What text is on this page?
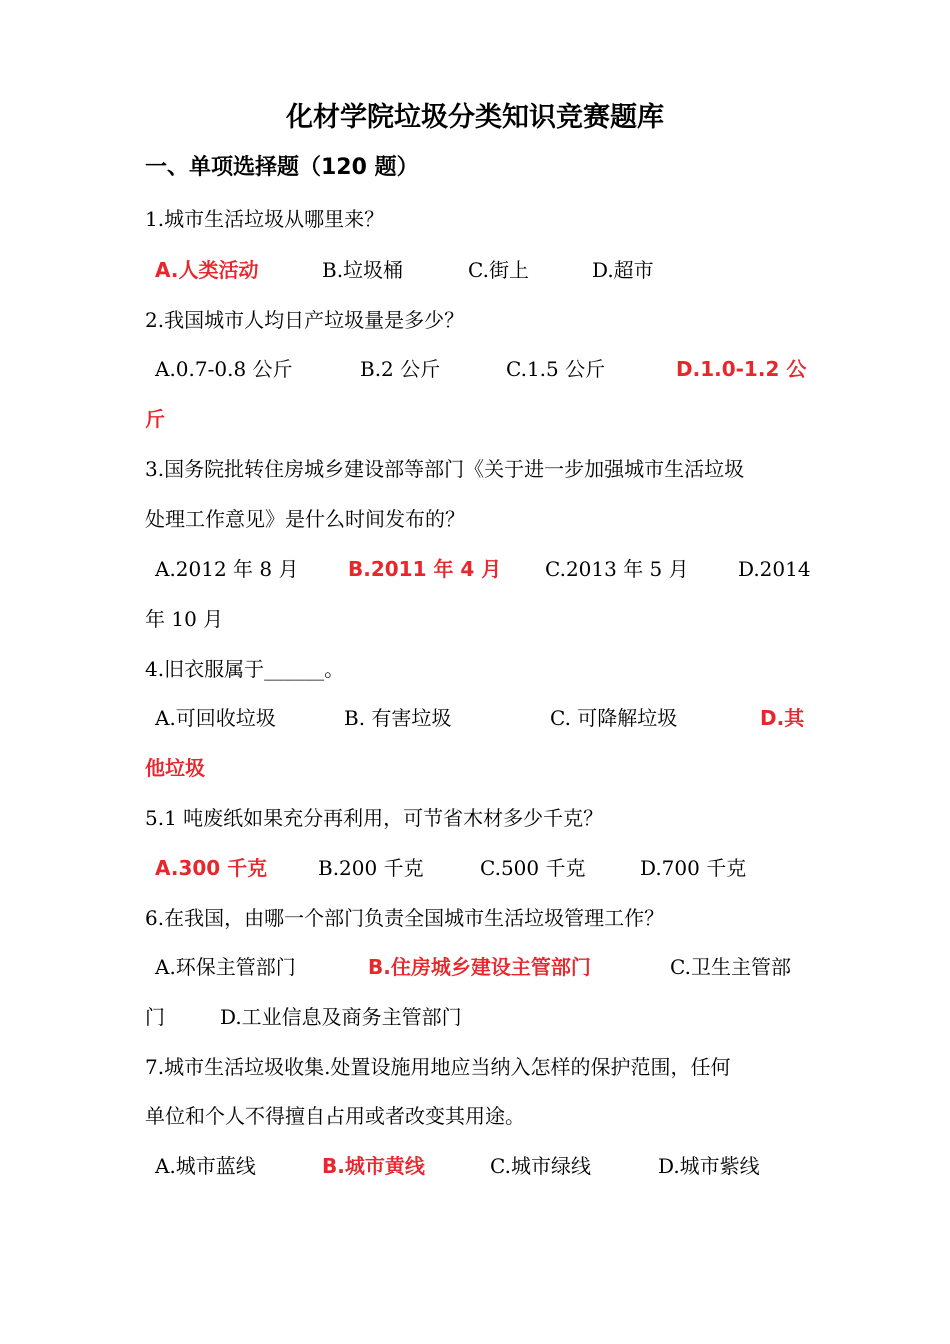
化材学院垃圾分类知识竞赛题库
一、单项选择题（120 题）
1.城市生活垃圾从哪里来？
A.人类活动	B.垃圾桶	C.街上	D.超市
2.我国城市人均日产垃圾量是多少？
A.0.7-0.8 公斤	B.2 公斤	C.1.5 公斤	D.1.0-1.2 公
斤
3.国务院批转住房城乡建设部等部门《关于进一步加强城市生活垃圾
处理工作意见》是什么时间发布的？
A.2012 年 8 月 B.2011 年 4 月 C.2013 年 5 月 D.2014
年 10 月
4.旧衣服属于______。
A.可回收垃圾	B. 有害垃圾	C. 可降解垃圾	D.其
他垃圾
5.1 吨废纸如果充分再利用，可节省木材多少千克？
A.300 千克	B.200 千克	C.500 千克	D.700 千克
6.在我国，由哪一个部门负责全国城市生活垃圾管理工作？
A.环保主管部门	B.住房城乡建设主管部门	C.卫生主管部
门	D.工业信息及商务主管部门
7.城市生活垃圾收集.处置设施用地应当纳入怎样的保护范围，任何
单位和个人不得擅自占用或者改变其用途。
A.城市蓝线	B.城市黄线	C.城市绿线	D.城市紫线
